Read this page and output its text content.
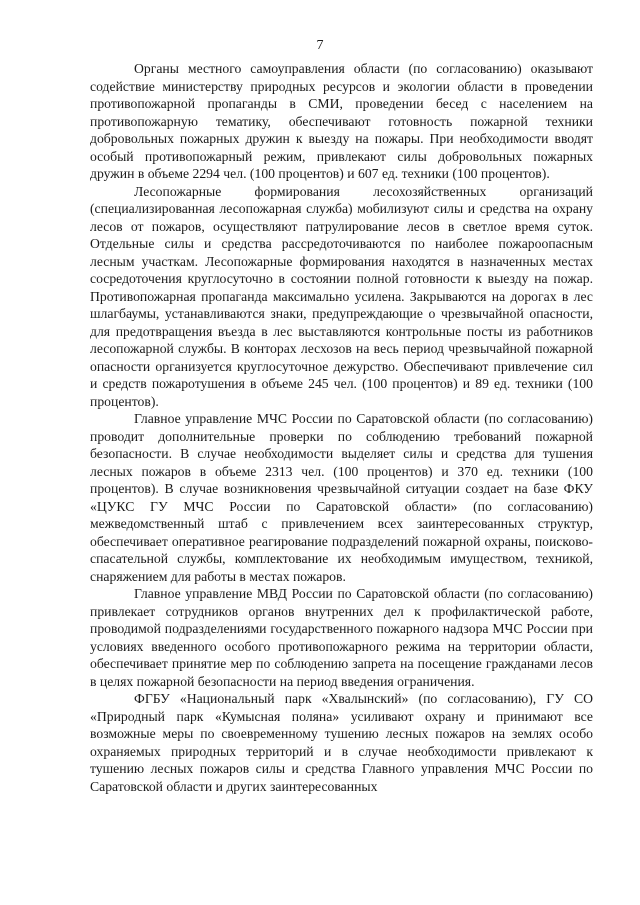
7

Органы местного самоуправления области (по согласованию) оказывают содействие министерству природных ресурсов и экологии области в проведении противопожарной пропаганды в СМИ, проведении бесед с населением на противопожарную тематику, обеспечивают готовность пожарной техники добровольных пожарных дружин к выезду на пожары. При необходимости вводят особый противопожарный режим, привлекают силы добровольных пожарных дружин в объеме 2294 чел. (100 процентов) и 607 ед. техники (100 процентов).

Лесопожарные формирования лесохозяйственных организаций (специализированная лесопожарная служба) мобилизуют силы и средства на охрану лесов от пожаров, осуществляют патрулирование лесов в светлое время суток. Отдельные силы и средства рассредоточиваются по наиболее пожароопасным лесным участкам. Лесопожарные формирования находятся в назначенных местах сосредоточения круглосуточно в состоянии полной готовности к выезду на пожар. Противопожарная пропаганда максимально усилена. Закрываются на дорогах в лес шлагбаумы, устанавливаются знаки, предупреждающие о чрезвычайной опасности, для предотвращения въезда в лес выставляются контрольные посты из работников лесопожарной службы. В конторах лесхозов на весь период чрезвычайной пожарной опасности организуется круглосуточное дежурство. Обеспечивают привлечение сил и средств пожаротушения в объеме 245 чел. (100 процентов) и 89 ед. техники (100 процентов).

Главное управление МЧС России по Саратовской области (по согласованию) проводит дополнительные проверки по соблюдению требований пожарной безопасности. В случае необходимости выделяет силы и средства для тушения лесных пожаров в объеме 2313 чел. (100 процентов) и 370 ед. техники (100 процентов). В случае возникновения чрезвычайной ситуации создает на базе ФКУ «ЦУКС ГУ МЧС России по Саратовской области» (по согласованию) межведомственный штаб с привлечением всех заинтересованных структур, обеспечивает оперативное реагирование подразделений пожарной охраны, поисково-спасательной службы, комплектование их необходимым имуществом, техникой, снаряжением для работы в местах пожаров.

Главное управление МВД России по Саратовской области (по согласованию) привлекает сотрудников органов внутренних дел к профилактической работе, проводимой подразделениями государственного пожарного надзора МЧС России при условиях введенного особого противопожарного режима на территории области, обеспечивает принятие мер по соблюдению запрета на посещение гражданами лесов в целях пожарной безопасности на период введения ограничения.

ФГБУ «Национальный парк «Хвалынский» (по согласованию), ГУ СО «Природный парк «Кумысная поляна» усиливают охрану и принимают все возможные меры по своевременному тушению лесных пожаров на землях особо охраняемых природных территорий и в случае необходимости привлекают к тушению лесных пожаров силы и средства Главного управления МЧС России по Саратовской области и других заинтересованных
